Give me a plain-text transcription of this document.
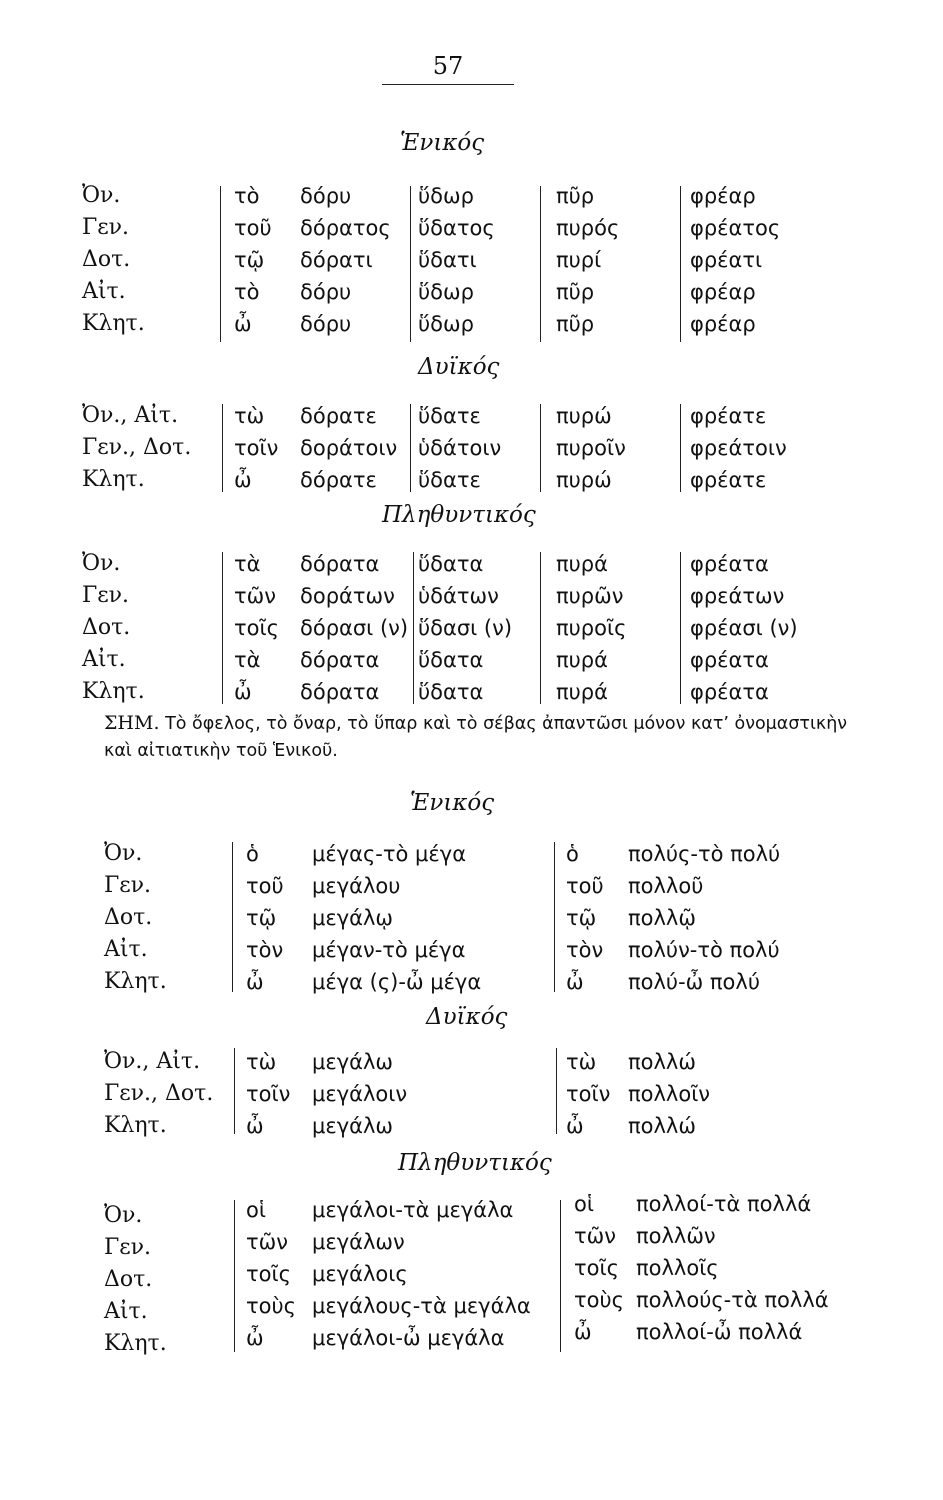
57
Ἑνικός
Ὀν.
Γεν.
Δοτ.
Αἰτ.
Κλητ.
τὸ
τοῦ
τῷ
τὸ
ὦ
δόρυ
δόρατος
δόρατι
δόρυ
δόρυ
ὕδωρ
ὕδατος
ὕδατι
ὕδωρ
ὕδωρ
πῦρ
πυρός
πυρί
πῦρ
πῦρ
φρέαρ
φρέατος
φρέατι
φρέαρ
φρέαρ
Δυϊκός
Ὀν., Αἰτ.
Γεν., Δοτ.
Κλητ.
τὼ
τοῖν
ὦ
δόρατε
δοράτοιν
δόρατε
ὕδατε
ὑδάτοιν
ὕδατε
πυρώ
πυροῖν
πυρώ
φρέατε
φρεάτοιν
φρέατε
Πληθυντικός
Ὀν.
Γεν.
Δοτ.
Αἰτ.
Κλητ.
τὰ
τῶν
τοῖς
τὰ
ὦ
δόρατα
δοράτων
δόρασι (ν)
δόρατα
δόρατα
ὕδατα
ὑδάτων
ὕδασι (ν)
ὕδατα
ὕδατα
πυρά
πυρῶν
πυροῖς
πυρά
πυρά
φρέατα
φρεάτων
φρέασι (ν)
φρέατα
φρέατα
ΣΗΜ. Τὸ ὄφελος, τὸ ὄναρ, τὸ ὕπαρ καὶ τὸ σέβας ἀπαντῶσι μόνον κατ’ ὀνομαστικὴν καὶ αἰτιατικὴν τοῦ Ἑνικοῦ.
Ἑνικός
Ὀν.
Γεν.
Δοτ.
Αἰτ.
Κλητ.
ὁ
τοῦ
τῷ
τὸν
ὦ
μέγας-τὸ μέγα
μεγάλου
μεγάλῳ
μέγαν-τὸ μέγα
μέγα (ς)-ὦ μέγα
ὁ
τοῦ
τῷ
τὸν
ὦ
πολύς-τὸ πολύ
πολλοῦ
πολλῷ
πολύν-τὸ πολύ
πολύ-ὦ πολύ
Δυϊκός
Ὀν., Αἰτ.
Γεν., Δοτ.
Κλητ.
τὼ
τοῖν
ὦ
μεγάλω
μεγάλοιν
μεγάλω
τὼ
τοῖν
ὦ
πολλώ
πολλοῖν
πολλώ
Πληθυντικός
Ὀν.
Γεν.
Δοτ.
Αἰτ.
Κλητ.
οἱ
τῶν
τοῖς
τοὺς
ὦ
μεγάλοι-τὰ μεγάλα
μεγάλων
μεγάλοις
μεγάλους-τὰ μεγάλα
μεγάλοι-ὦ μεγάλα
οἱ
τῶν
τοῖς
τοὺς
ὦ
πολλοί-τὰ πολλά
πολλῶν
πολλοῖς
πολλούς-τὰ πολλά
πολλοί-ὦ πολλά
